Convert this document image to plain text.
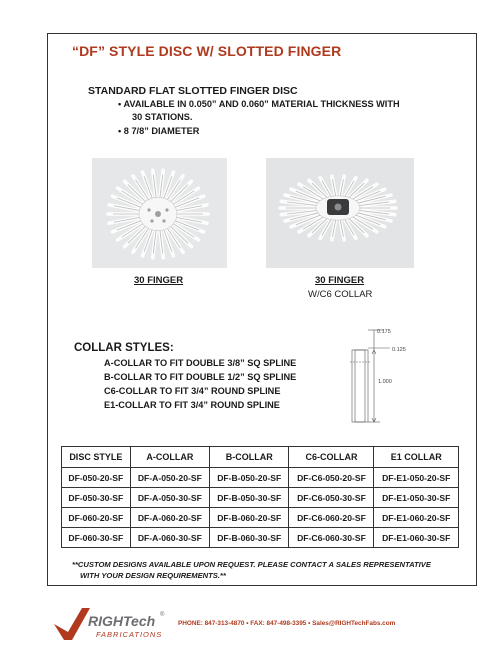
“DF” STYLE DISC W/ SLOTTED FINGER
STANDARD FLAT SLOTTED FINGER DISC
• AVAILABLE IN 0.050” AND 0.060” MATERIAL THICKNESS WITH
30 STATIONS.
• 8 7/8” DIAMETER
30 FINGER	30 FINGER
W/C6 COLLAR
COLLAR STYLES:
A-COLLAR TO FIT DOUBLE 3/8” SQ SPLINE
B-COLLAR TO FIT DOUBLE 1/2” SQ SPLINE
C6-COLLAR TO FIT 3/4” ROUND SPLINE
E1-COLLAR TO FIT 3/4” ROUND SPLINE
0.175
0.125
1.000
DISC STYLE	A-COLLAR	B-COLLAR	C6-COLLAR	E1 COLLAR
DF-050-20-SF	DF-A-050-20-SF	DF-B-050-20-SF	DF-C6-050-20-SF	DF-E1-050-20-SF
DF-050-30-SF	DF-A-050-30-SF	DF-B-050-30-SF	DF-C6-050-30-SF	DF-E1-050-30-SF
DF-060-20-SF	DF-A-060-20-SF	DF-B-060-20-SF	DF-C6-060-20-SF	DF-E1-060-20-SF
DF-060-30-SF	DF-A-060-30-SF	DF-B-060-30-SF	DF-C6-060-30-SF	DF-E1-060-30-SF
**CUSTOM DESIGNS AVAILABLE UPON REQUEST. PLEASE CONTACT A SALES REPRESENTATIVE
WITH YOUR DESIGN REQUIREMENTS.**
RIGHTech ®
FABRICATIONS
PHONE: 847-313-4870 • FAX: 847-498-3395 • Sales@RIGHTechFabs.com
